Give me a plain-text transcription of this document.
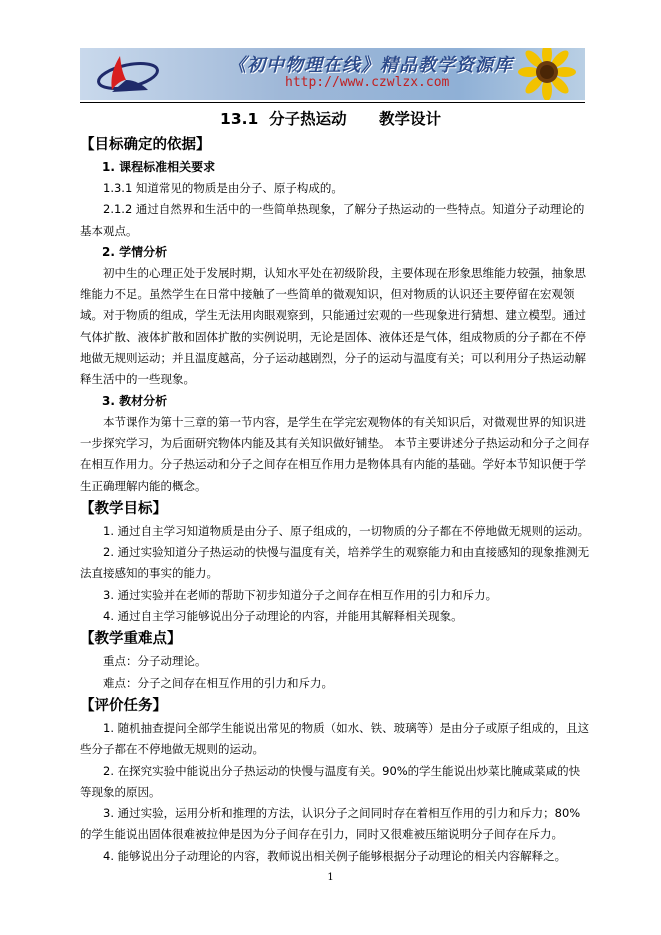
《初中物理在线》精品教学资源库
http://www.czwlzx.com
13.1  分子热运动      教学设计
【目标确定的依据】
1. 课程标准相关要求
1.3.1 知道常见的物质是由分子、原子构成的。
2.1.2 通过自然界和生活中的一些简单热现象，了解分子热运动的一些特点。知道分子动理论的基本观点。
2. 学情分析
初中生的心理正处于发展时期，认知水平处在初级阶段，主要体现在形象思维能力较强，抽象思维能力不足。虽然学生在日常中接触了一些简单的微观知识，但对物质的认识还主要停留在宏观领域。对于物质的组成，学生无法用肉眼观察到，只能通过宏观的一些现象进行猜想、建立模型。通过气体扩散、液体扩散和固体扩散的实例说明，无论是固体、液体还是气体，组成物质的分子都在不停地做无规则运动；并且温度越高，分子运动越剧烈，分子的运动与温度有关；可以利用分子热运动解释生活中的一些现象。
3. 教材分析
本节课作为第十三章的第一节内容，是学生在学完宏观物体的有关知识后，对微观世界的知识进一步探究学习，为后面研究物体内能及其有关知识做好铺垫。 本节主要讲述分子热运动和分子之间存在相互作用力。分子热运动和分子之间存在相互作用力是物体具有内能的基础。学好本节知识便于学生正确理解内能的概念。
【教学目标】
1. 通过自主学习知道物质是由分子、原子组成的，一切物质的分子都在不停地做无规则的运动。
2. 通过实验知道分子热运动的快慢与温度有关，培养学生的观察能力和由直接感知的现象推测无法直接感知的事实的能力。
3. 通过实验并在老师的帮助下初步知道分子之间存在相互作用的引力和斥力。
4. 通过自主学习能够说出分子动理论的内容，并能用其解释相关现象。
【教学重难点】
重点：分子动理论。
难点：分子之间存在相互作用的引力和斥力。
【评价任务】
1. 随机抽查提问全部学生能说出常见的物质（如水、铁、玻璃等）是由分子或原子组成的，且这些分子都在不停地做无规则的运动。
2. 在探究实验中能说出分子热运动的快慢与温度有关。90%的学生能说出炒菜比腌咸菜咸的快等现象的原因。
3. 通过实验，运用分析和推理的方法，认识分子之间同时存在着相互作用的引力和斥力；80%的学生能说出固体很难被拉伸是因为分子间存在引力，同时又很难被压缩说明分子间存在斥力。
4. 能够说出分子动理论的内容，教师说出相关例子能够根据分子动理论的相关内容解释之。
1
